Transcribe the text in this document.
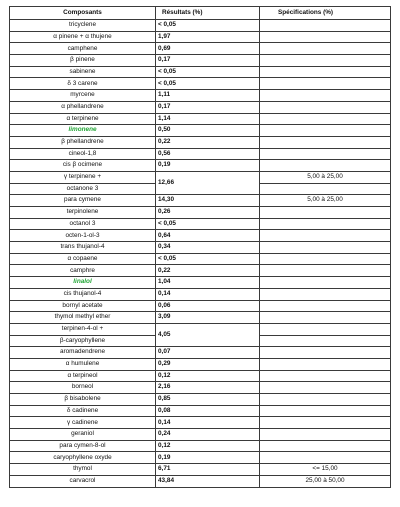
Composants	Résultats (%)	Spécifications (%)
tricyclene	< 0,05	
α pinene + α thujene	1,97	
camphene	0,69	
β pinene	0,17	
sabinene	< 0,05	
δ 3 carene	< 0,05	
myrcene	1,11	
α phellandrene	0,17	
α terpinene	1,14	
limonene	0,50	
β phellandrene	0,22	
cineol-1,8	0,56	
cis β ocimene	0,19	
γ terpinene +	12,66	5,00 à 25,00
octanone 3		
para cymene	14,30	5,00 à 25,00
terpinolene	0,26	
octanol 3	< 0,05	
octen-1-ol-3	0,64	
trans thujanol-4	0,34	
α copaene	< 0,05	
camphre	0,22	
linalol	1,04	
cis thujanol-4	0,14	
bornyl acetate	0,06	
thymol methyl ether	3,09	
terpinen-4-ol +	4,05	
β-caryophyllene		
aromadendrene	0,07	
α humulene	0,29	
α terpineol	0,12	
borneol	2,16	
β bisabolene	0,85	
δ cadinene	0,08	
γ cadinene	0,14	
geraniol	0,24	
para cymen-8-ol	0,12	
caryophyllene oxyde	0,19	
thymol	6,71	<= 15,00
carvacrol	43,84	25,00 à 50,00
